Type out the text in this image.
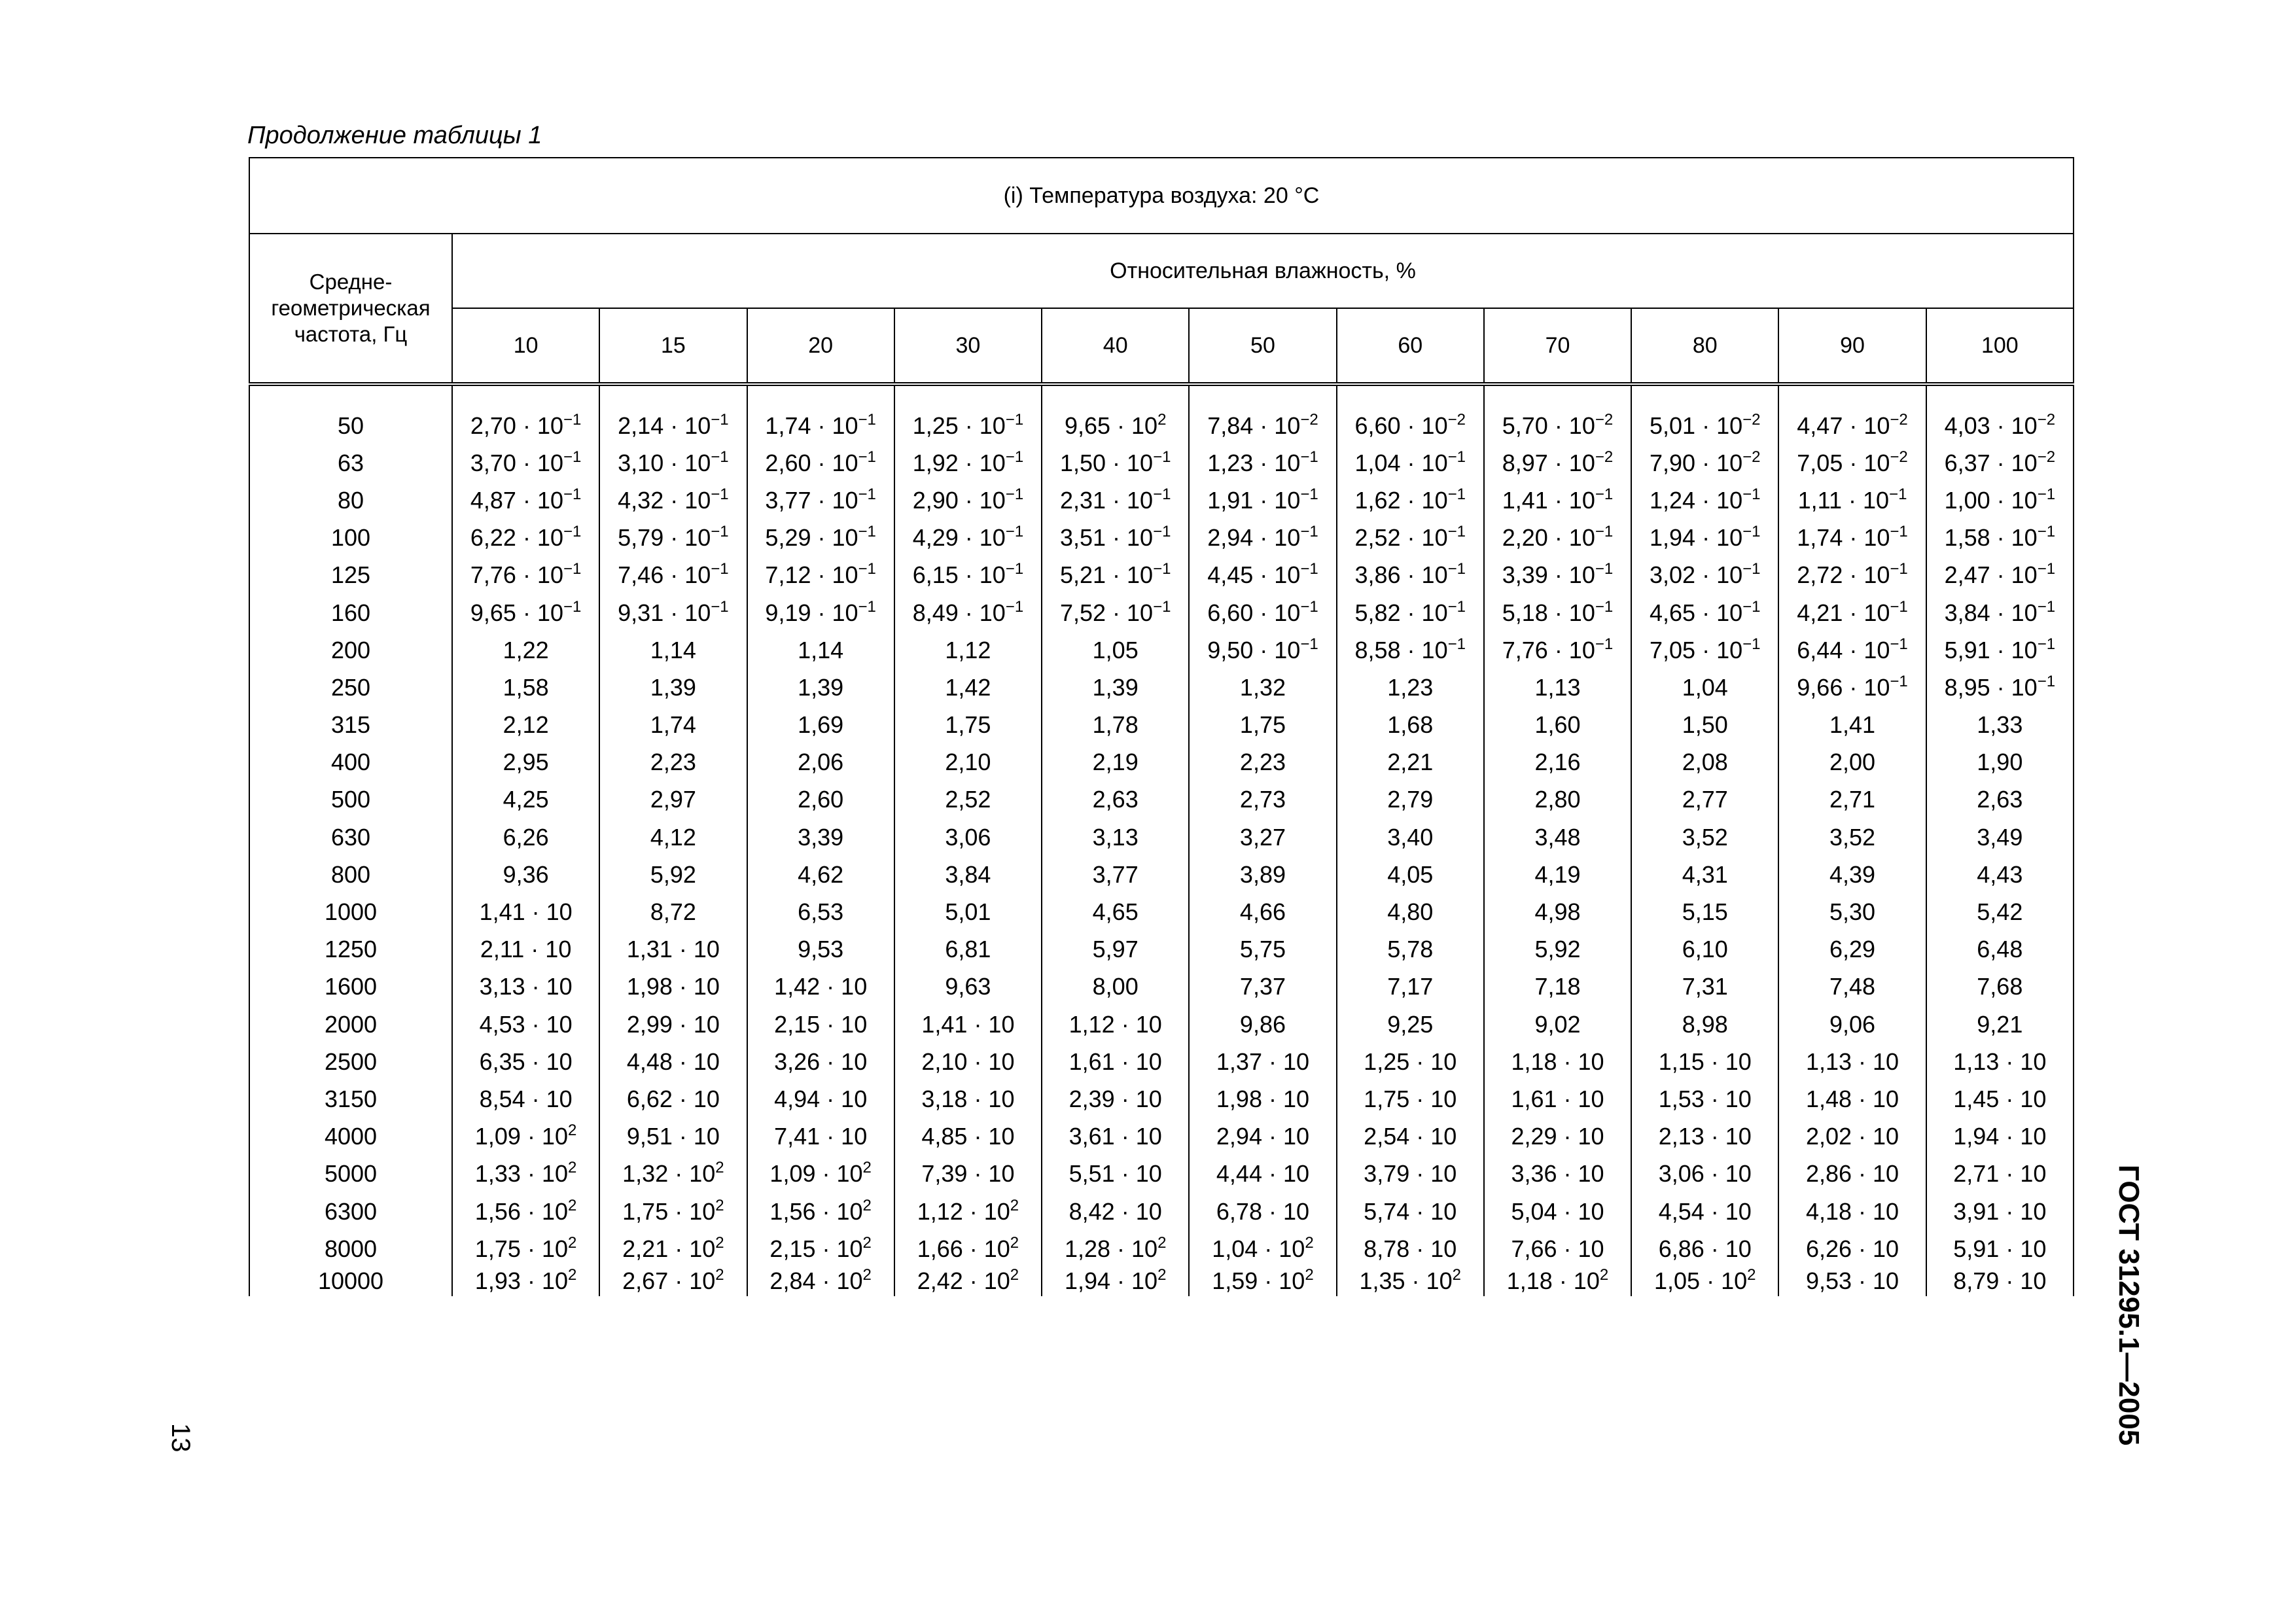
Продолжение таблицы 1
(i) Температура воздуха: 20 °C											
Средне-
геометрическая
частота, Гц	Относительная влажность, %										
	10	15	20	30	40	50	60	70	80	90	100

50	$2,70 \cdot 10^{-1}$	$2,14 \cdot 10^{-1}$	$1,74 \cdot 10^{-1}$	$1,25 \cdot 10^{-1}$	$9,65 \cdot 10^2$	$7,84 \cdot 10^{-2}$	$6,60 \cdot 10^{-2}$	$5,70 \cdot 10^{-2}$	$5,01 \cdot 10^{-2}$	$4,47 \cdot 10^{-2}$	$4,03 \cdot 10^{-2}$
63	$3,70 \cdot 10^{-1}$	$3,10 \cdot 10^{-1}$	$2,60 \cdot 10^{-1}$	$1,92 \cdot 10^{-1}$	$1,50 \cdot 10^{-1}$	$1,23 \cdot 10^{-1}$	$1,04 \cdot 10^{-1}$	$8,97 \cdot 10^{-2}$	$7,90 \cdot 10^{-2}$	$7,05 \cdot 10^{-2}$	$6,37 \cdot 10^{-2}$
80	$4,87 \cdot 10^{-1}$	$4,32 \cdot 10^{-1}$	$3,77 \cdot 10^{-1}$	$2,90 \cdot 10^{-1}$	$2,31 \cdot 10^{-1}$	$1,91 \cdot 10^{-1}$	$1,62 \cdot 10^{-1}$	$1,41 \cdot 10^{-1}$	$1,24 \cdot 10^{-1}$	$1,11 \cdot 10^{-1}$	$1,00 \cdot 10^{-1}$
100	$6,22 \cdot 10^{-1}$	$5,79 \cdot 10^{-1}$	$5,29 \cdot 10^{-1}$	$4,29 \cdot 10^{-1}$	$3,51 \cdot 10^{-1}$	$2,94 \cdot 10^{-1}$	$2,52 \cdot 10^{-1}$	$2,20 \cdot 10^{-1}$	$1,94 \cdot 10^{-1}$	$1,74 \cdot 10^{-1}$	$1,58 \cdot 10^{-1}$
125	$7,76 \cdot 10^{-1}$	$7,46 \cdot 10^{-1}$	$7,12 \cdot 10^{-1}$	$6,15 \cdot 10^{-1}$	$5,21 \cdot 10^{-1}$	$4,45 \cdot 10^{-1}$	$3,86 \cdot 10^{-1}$	$3,39 \cdot 10^{-1}$	$3,02 \cdot 10^{-1}$	$2,72 \cdot 10^{-1}$	$2,47 \cdot 10^{-1}$
160	$9,65 \cdot 10^{-1}$	$9,31 \cdot 10^{-1}$	$9,19 \cdot 10^{-1}$	$8,49 \cdot 10^{-1}$	$7,52 \cdot 10^{-1}$	$6,60 \cdot 10^{-1}$	$5,82 \cdot 10^{-1}$	$5,18 \cdot 10^{-1}$	$4,65 \cdot 10^{-1}$	$4,21 \cdot 10^{-1}$	$3,84 \cdot 10^{-1}$
200	1,22	1,14	1,14	1,12	1,05	$9,50 \cdot 10^{-1}$	$8,58 \cdot 10^{-1}$	$7,76 \cdot 10^{-1}$	$7,05 \cdot 10^{-1}$	$6,44 \cdot 10^{-1}$	$5,91 \cdot 10^{-1}$
250	1,58	1,39	1,39	1,42	1,39	1,32	1,23	1,13	1,04	$9,66 \cdot 10^{-1}$	$8,95 \cdot 10^{-1}$
315	2,12	1,74	1,69	1,75	1,78	1,75	1,68	1,60	1,50	1,41	1,33
400	2,95	2,23	2,06	2,10	2,19	2,23	2,21	2,16	2,08	2,00	1,90
500	4,25	2,97	2,60	2,52	2,63	2,73	2,79	2,80	2,77	2,71	2,63
630	6,26	4,12	3,39	3,06	3,13	3,27	3,40	3,48	3,52	3,52	3,49
800	9,36	5,92	4,62	3,84	3,77	3,89	4,05	4,19	4,31	4,39	4,43
1000	1,41 · 10	8,72	6,53	5,01	4,65	4,66	4,80	4,98	5,15	5,30	5,42
1250	2,11 · 10	1,31 · 10	9,53	6,81	5,97	5,75	5,78	5,92	6,10	6,29	6,48
1600	3,13 · 10	1,98 · 10	1,42 · 10	9,63	8,00	7,37	7,17	7,18	7,31	7,48	7,68
2000	4,53 · 10	2,99 · 10	2,15 · 10	1,41 · 10	1,12 · 10	9,86	9,25	9,02	8,98	9,06	9,21
2500	6,35 · 10	4,48 · 10	3,26 · 10	2,10 · 10	1,61 · 10	1,37 · 10	1,25 · 10	1,18 · 10	1,15 · 10	1,13 · 10	1,13 · 10
3150	8,54 · 10	6,62 · 10	4,94 · 10	3,18 · 10	2,39 · 10	1,98 · 10	1,75 · 10	1,61 · 10	1,53 · 10	1,48 · 10	1,45 · 10
4000	$1,09 \cdot 10^2$	9,51 · 10	7,41 · 10	4,85 · 10	3,61 · 10	2,94 · 10	2,54 · 10	2,29 · 10	2,13 · 10	2,02 · 10	1,94 · 10
5000	$1,33 \cdot 10^2$	$1,32 \cdot 10^2$	$1,09 \cdot 10^2$	7,39 · 10	5,51 · 10	4,44 · 10	3,79 · 10	3,36 · 10	3,06 · 10	2,86 · 10	2,71 · 10
6300	$1,56 \cdot 10^2$	$1,75 \cdot 10^2$	$1,56 \cdot 10^2$	$1,12 \cdot 10^2$	8,42 · 10	6,78 · 10	5,74 · 10	5,04 · 10	4,54 · 10	4,18 · 10	3,91 · 10
8000	$1,75 \cdot 10^2$	$2,21 \cdot 10^2$	$2,15 \cdot 10^2$	$1,66 \cdot 10^2$	$1,28 \cdot 10^2$	$1,04 \cdot 10^2$	8,78 · 10	7,66 · 10	6,86 · 10	6,26 · 10	5,91 · 10
10000	$1,93 \cdot 10^2$	$2,67 \cdot 10^2$	$2,84 \cdot 10^2$	$2,42 \cdot 10^2$	$1,94 \cdot 10^2$	$1,59 \cdot 10^2$	$1,35 \cdot 10^2$	$1,18 \cdot 10^2$	$1,05 \cdot 10^2$	9,53 · 10	8,79 · 10
13	ГОСТ 31295.1—2005
